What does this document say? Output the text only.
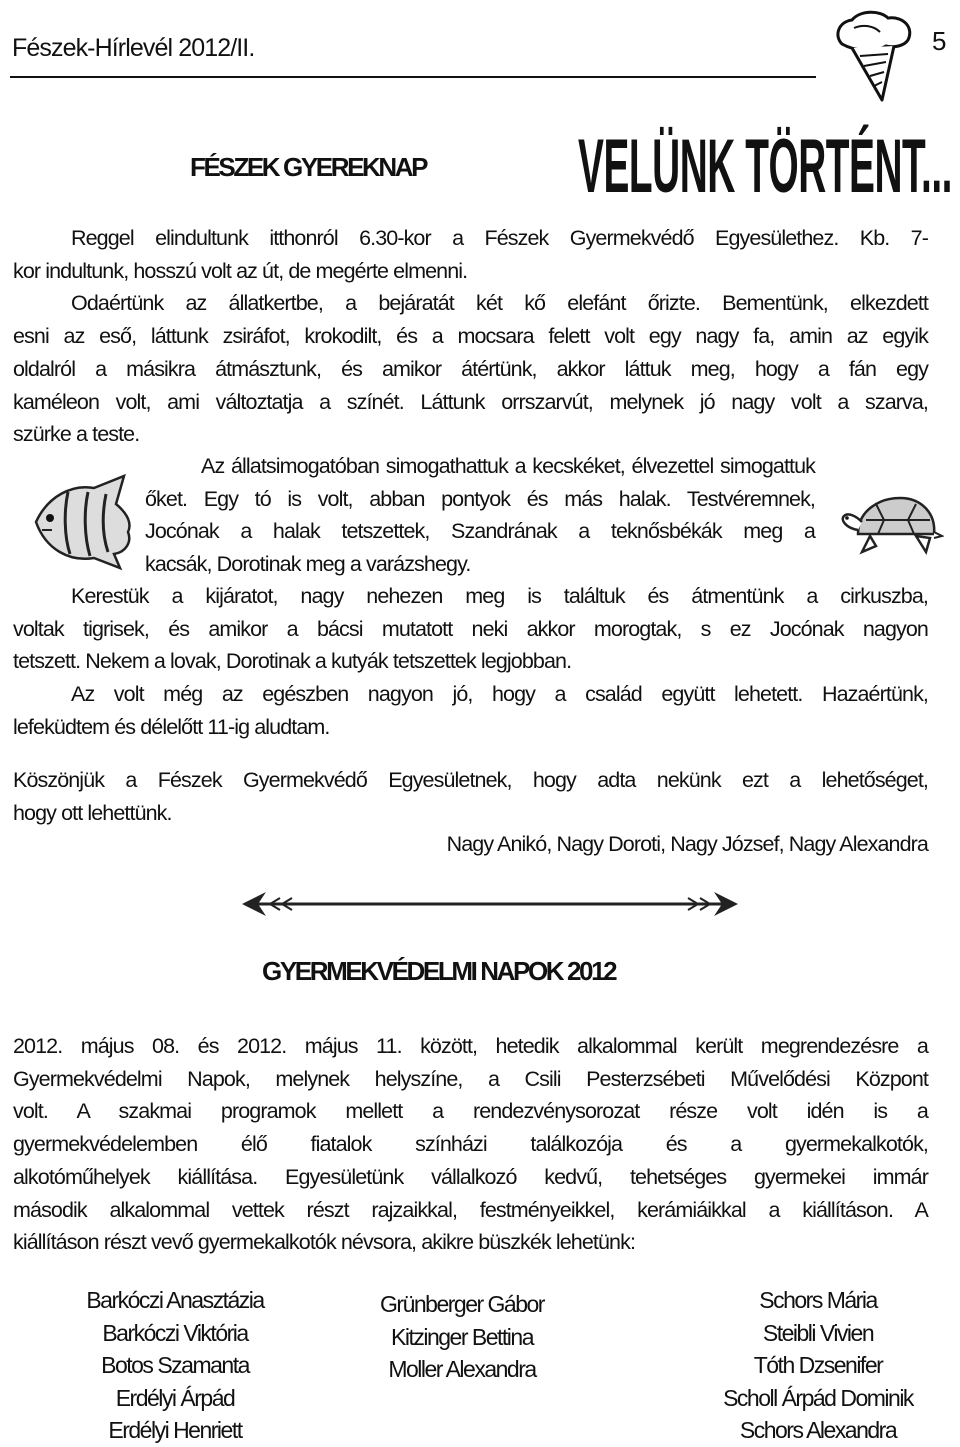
Fészek-Hírlevél 2012/II.	5
VELÜNK TÖRTÉNT...
FÉSZEK GYEREKNAP

Reggel elindultunk itthonról 6.30-kor a Fészek Gyermekvédő Egyesülethez. Kb. 7-

kor indultunk, hosszú volt az út, de megérte elmenni.

Odaértünk az állatkertbe, a bejáratát két kő elefánt őrizte. Bementünk, elkezdett

esni az eső, láttunk zsiráfot, krokodilt, és a mocsara felett volt egy nagy fa, amin az egyik

oldalról a másikra átmásztunk, és amikor átértünk, akkor láttuk meg, hogy a fán egy

kaméleon volt, ami változtatja a színét. Láttunk orrszarvút, melynek jó nagy volt a szarva,

szürke a teste.

Az állatsimogatóban simogathattuk a kecskéket, élvezettel simogattuk

őket. Egy tó is volt, abban pontyok és más halak. Testvéremnek,

Jocónak a halak tetszettek, Szandrának a teknősbékák meg a

kacsák, Dorotinak meg a varázshegy.

Kerestük a kijáratot, nagy nehezen meg is találtuk és átmentünk a cirkuszba,

voltak tigrisek, és amikor a bácsi mutatott neki akkor morogtak, s ez Jocónak nagyon

tetszett. Nekem a lovak, Dorotinak a kutyák tetszettek legjobban.

Az volt még az egészben nagyon jó, hogy a család együtt lehetett. Hazaértünk,

lefeküdtem és délelőtt 11-ig aludtam.

Köszönjük a Fészek Gyermekvédő Egyesületnek, hogy adta nekünk ezt a lehetőséget,

hogy ott lehettünk.

Nagy Anikó, Nagy Doroti, Nagy József, Nagy Alexandra
GYERMEKVÉDELMI NAPOK 2012

2012. május 08. és 2012. május 11. között, hetedik alkalommal került megrendezésre a

Gyermekvédelmi Napok, melynek helyszíne, a Csili Pesterzsébeti Művelődési Központ

volt. A szakmai programok mellett a rendezvénysorozat része volt idén is a

gyermekvédelemben élő fiatalok színházi találkozója és a gyermekalkotók,

alkotóműhelyek kiállítása. Egyesületünk vállalkozó kedvű, tehetséges gyermekei immár

második alkalommal vettek részt rajzaikkal, festményeikkel, kerámiáikkal a kiállításon. A

kiállításon részt vevő gyermekalkotók névsora, akikre büszkék lehetünk:

Barkóczi Anasztázia
Barkóczi Viktória
Botos Szamanta
Erdélyi Árpád
Erdélyi Henriett
Grünberger Gábor
Kitzinger Bettina
Moller Alexandra
Schors Mária
Steibli Vivien
Tóth Dzsenifer
Scholl Árpád Dominik
Schors Alexandra
